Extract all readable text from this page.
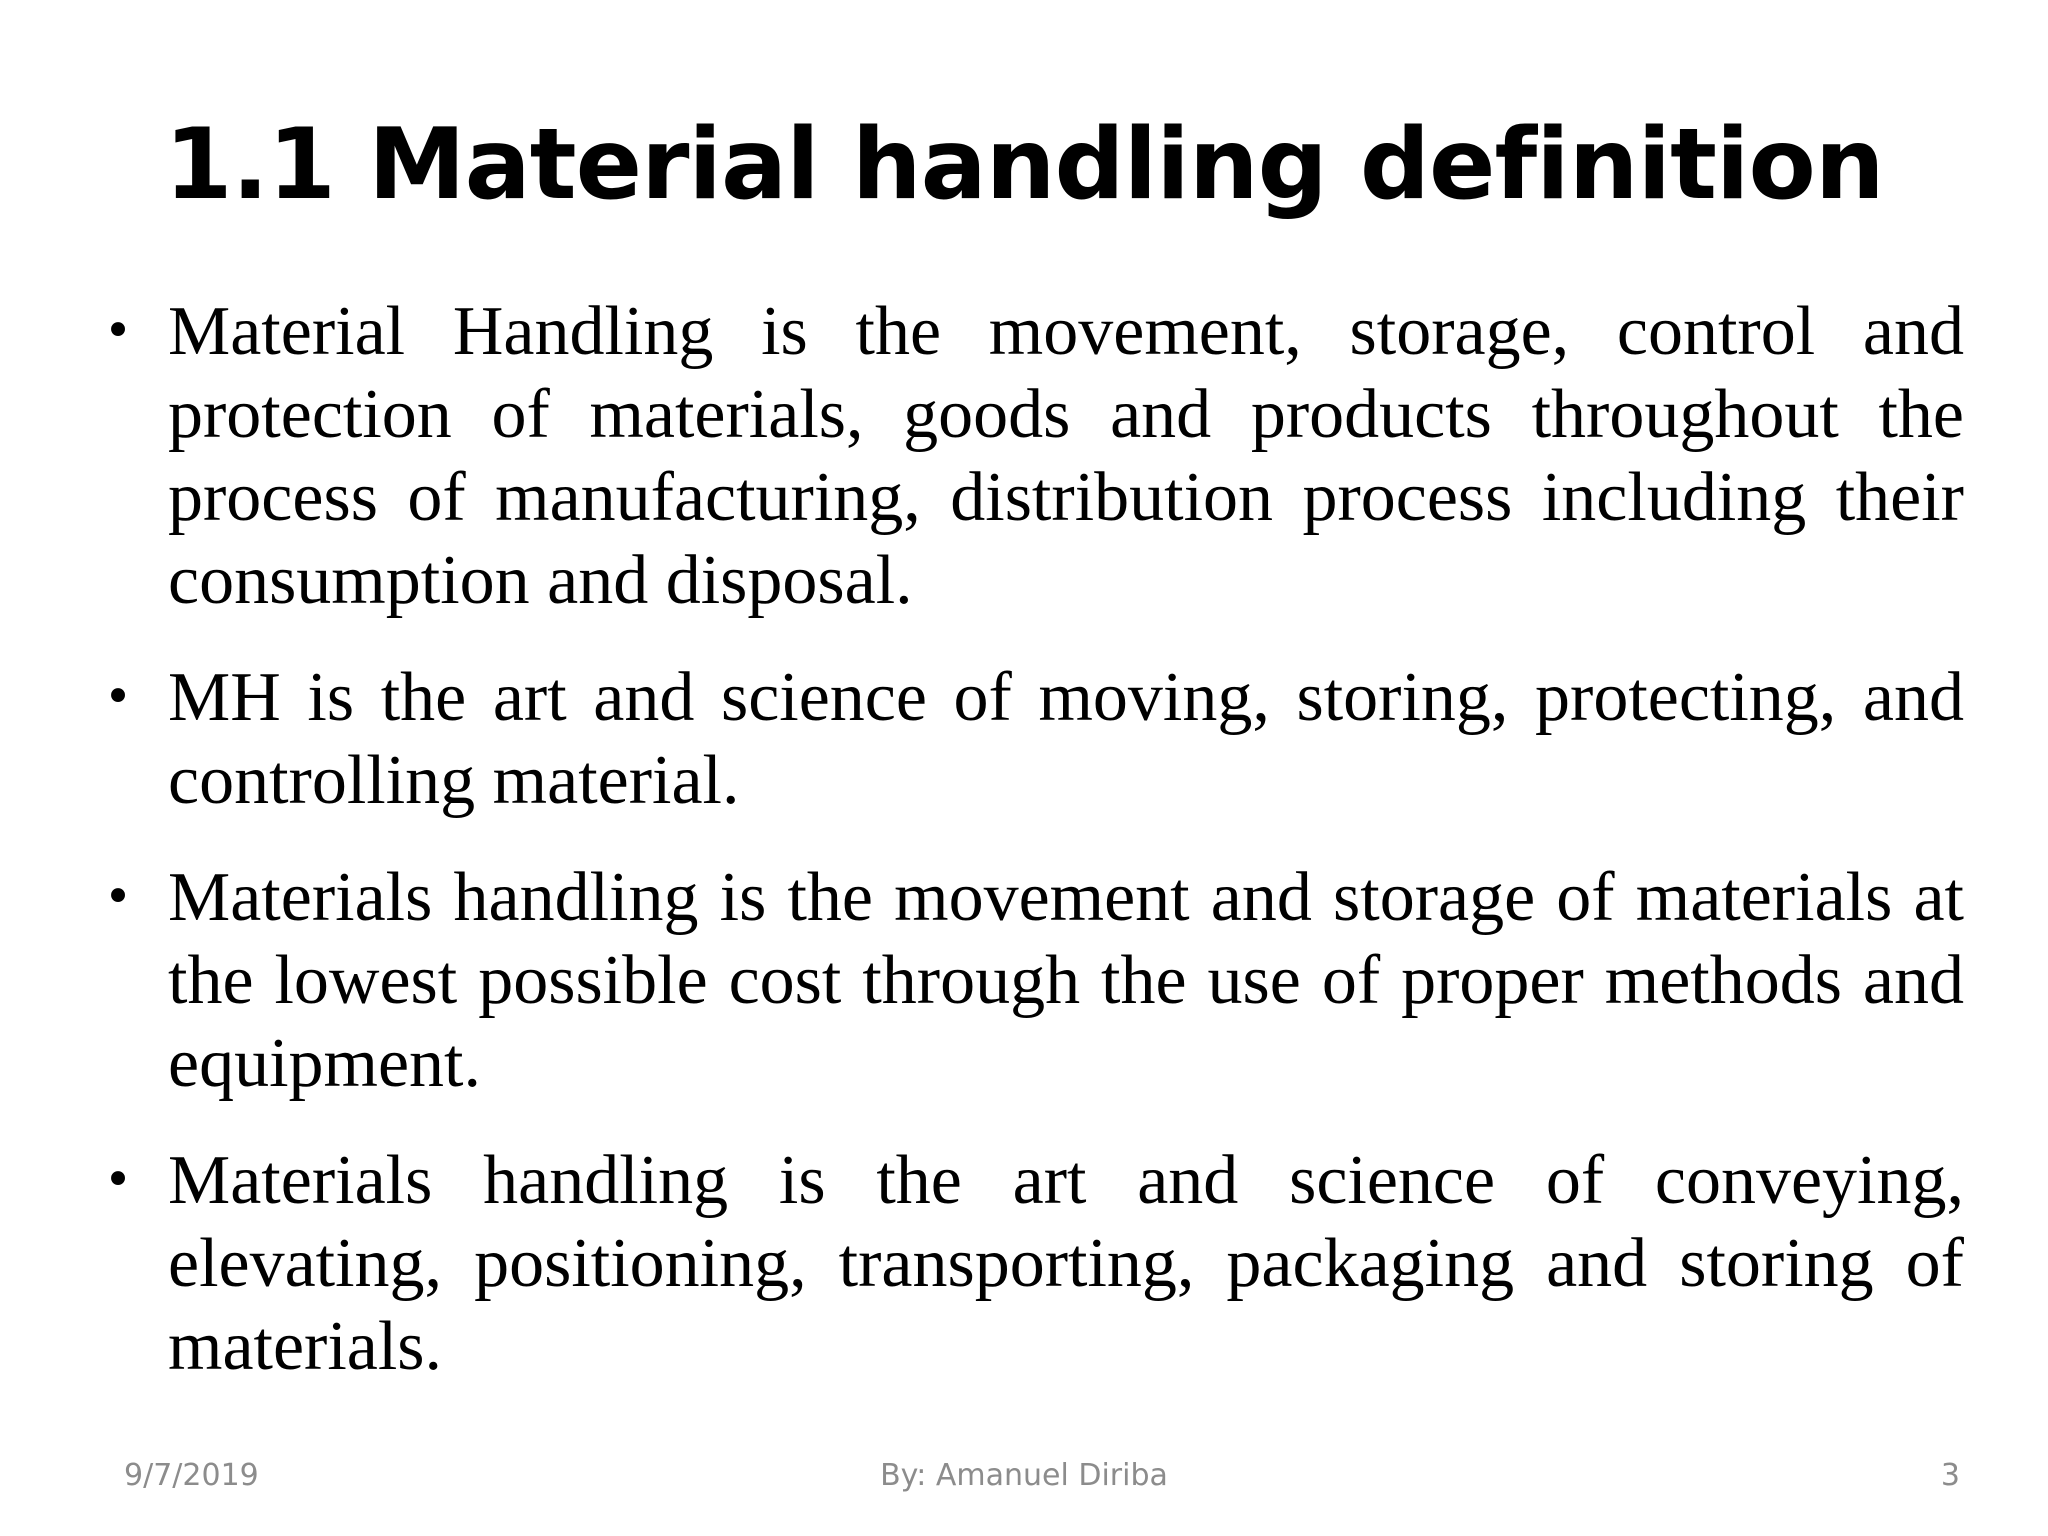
1.1 Material handling definition
• Material Handling is the movement, storage, control and protection of materials, goods and products throughout the process of manufacturing, distribution process including their consumption and disposal.
• MH is the art and science of moving, storing, protecting, and controlling material.
• Materials handling is the movement and storage of materials at the lowest possible cost through the use of proper methods and equipment.
• Materials handling is the art and science of conveying, elevating, positioning, transporting, packaging and storing of materials.
9/7/2019	By: Amanuel Diriba	3
